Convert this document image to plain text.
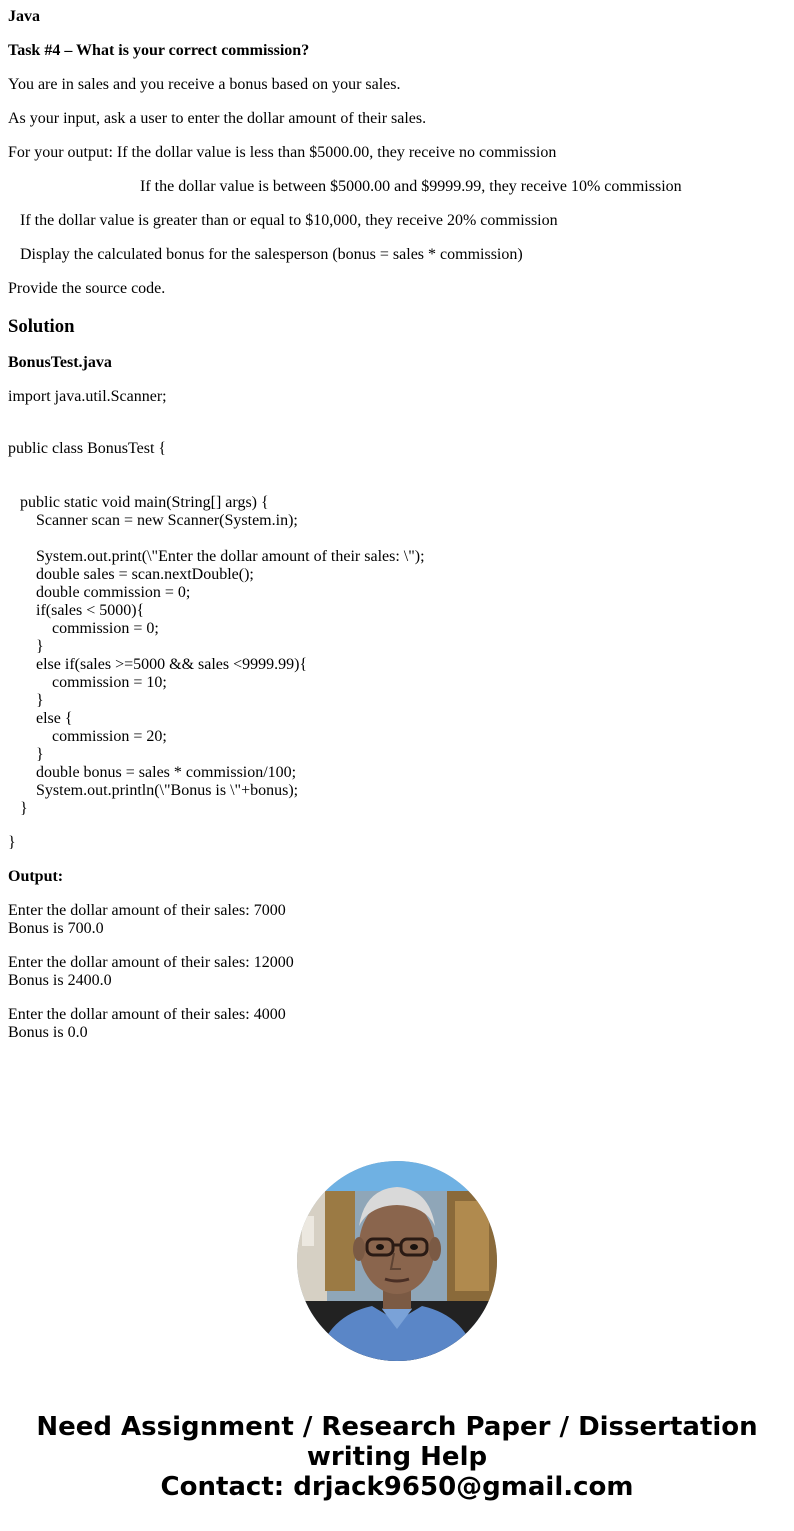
Java

Task #4 – What is your correct commission?

You are in sales and you receive a bonus based on your sales.

As your input, ask a user to enter the dollar amount of their sales.

For your output: If the dollar value is less than $5000.00, they receive no commission

If the dollar value is between $5000.00 and $9999.99, they receive 10% commission

If the dollar value is greater than or equal to $10,000, they receive 20% commission

Display the calculated bonus for the salesperson (bonus = sales * commission)

Provide the source code.

Solution

BonusTest.java

import java.util.Scanner;

public class BonusTest {

public static void main(String[] args) {
Scanner scan = new Scanner(System.in);

System.out.print(\"Enter the dollar amount of their sales: \");
double sales = scan.nextDouble();
double commission = 0;
if(sales < 5000){
commission = 0;
}
else if(sales >=5000 && sales <9999.99){
commission = 10;
}
else {
commission = 20;
}
double bonus = sales * commission/100;
System.out.println(\"Bonus is \"+bonus);
}

}

Output:

Enter the dollar amount of their sales: 7000
Bonus is 700.0

Enter the dollar amount of their sales: 12000
Bonus is 2400.0

Enter the dollar amount of their sales: 4000
Bonus is 0.0

Need Assignment / Research Paper / Dissertation
writing Help
Contact: drjack9650@gmail.com
